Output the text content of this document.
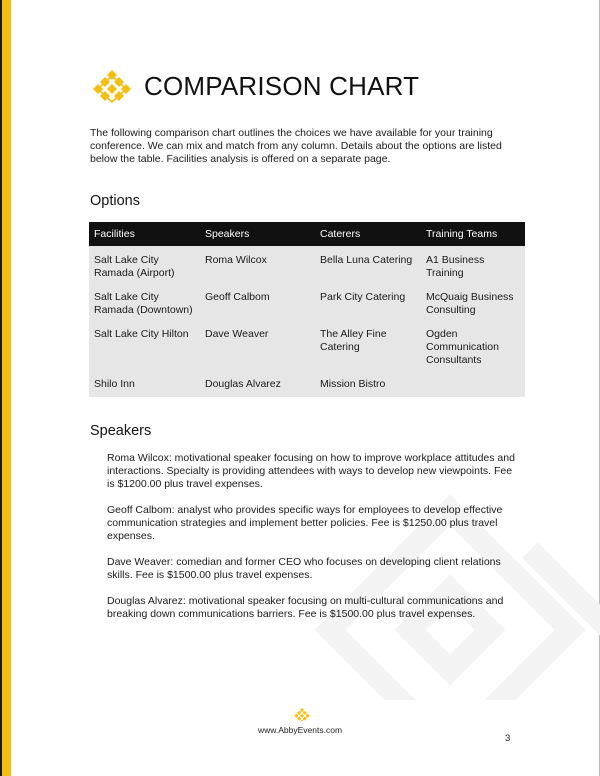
COMPARISON CHART

The following comparison chart outlines the choices we have available for your training conference. We can mix and match from any column. Details about the options are listed below the table. Facilities analysis is offered on a separate page.

Options
Facilities	Speakers	Caterers	Training Teams
Salt Lake City Ramada (Airport)	Roma Wilcox	Bella Luna Catering	A1 Business Training
Salt Lake City Ramada (Downtown)	Geoff Calbom	Park City Catering	McQuaig Business Consulting
Salt Lake City Hilton	Dave Weaver	The Alley Fine Catering	Ogden Communication Consultants
Shilo Inn	Douglas Alvarez	Mission Bistro	
Speakers

Roma Wilcox: motivational speaker focusing on how to improve workplace attitudes and interactions. Specialty is providing attendees with ways to develop new viewpoints. Fee is $1200.00 plus travel expenses.

Geoff Calbom: analyst who provides specific ways for employees to develop effective communication strategies and implement better policies. Fee is $1250.00 plus travel expenses.

Dave Weaver: comedian and former CEO who focuses on developing client relations skills. Fee is $1500.00 plus travel expenses.

Douglas Alvarez: motivational speaker focusing on multi-cultural communications and breaking down communications barriers. Fee is $1500.00 plus travel expenses.

www.AbbyEvents.com
3
